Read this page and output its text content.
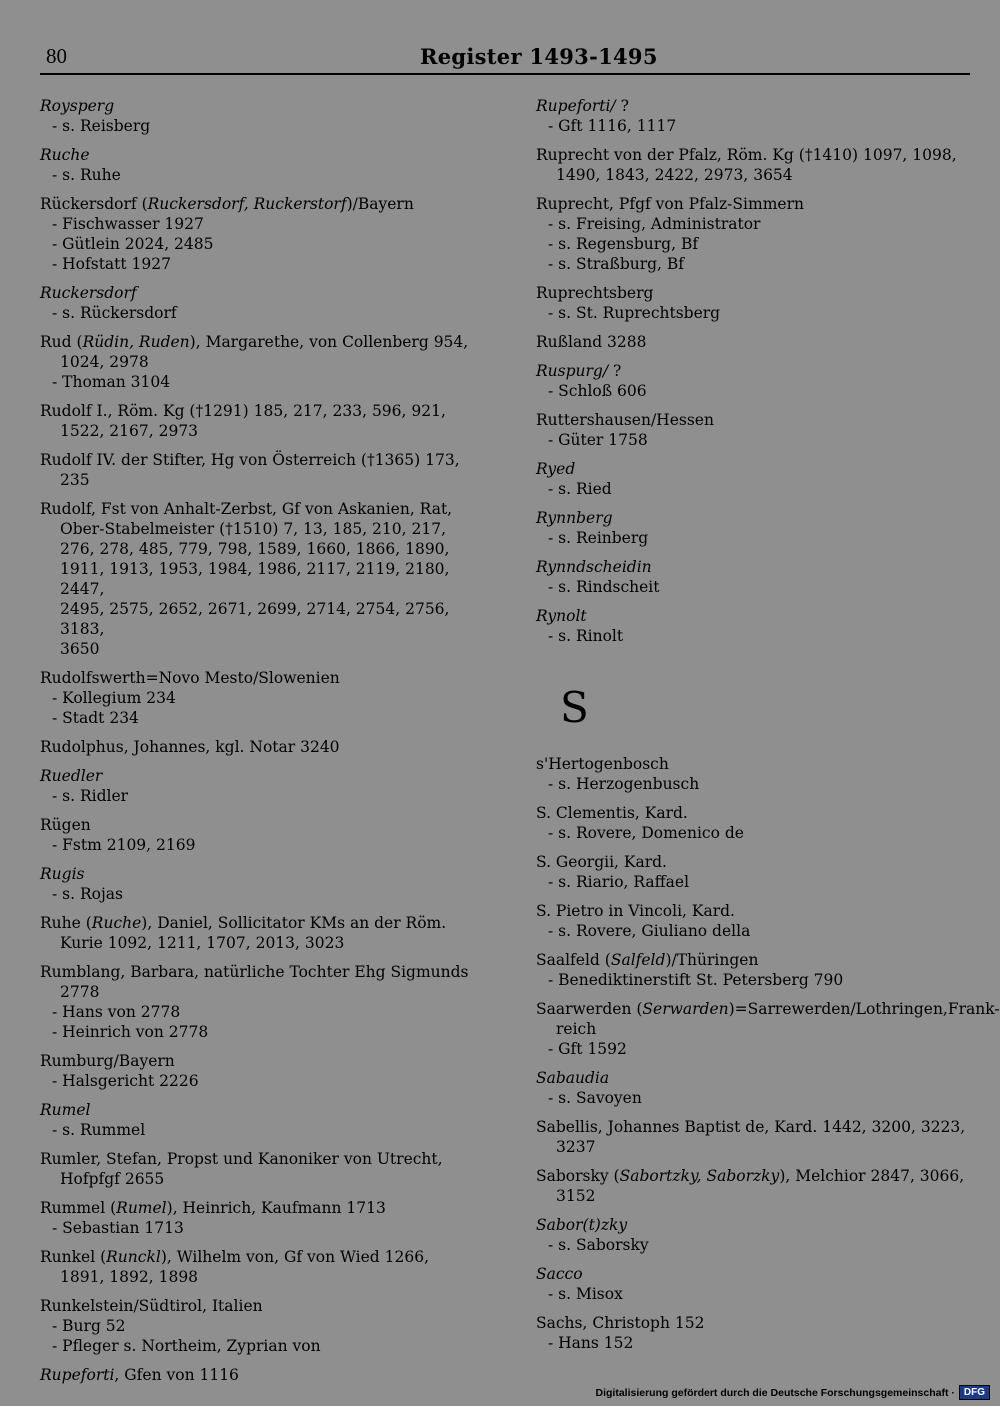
80	Register 1493-1495
Roysperg
- s. Reisberg
Ruche
- s. Ruhe
Rückersdorf (Ruckersdorf, Ruckerstorf)/Bayern
- Fischwasser 1927
- Gütlein 2024, 2485
- Hofstatt 1927
Ruckersdorf
- s. Rückersdorf
Rud (Rüdin, Ruden), Margarethe, von Collenberg 954,
1024, 2978
- Thoman 3104
Rudolf I., Röm. Kg (†1291) 185, 217, 233, 596, 921,
1522, 2167, 2973
Rudolf IV. der Stifter, Hg von Österreich (†1365) 173,
235
Rudolf, Fst von Anhalt-Zerbst, Gf von Askanien, Rat,
Ober-Stabelmeister (†1510) 7, 13, 185, 210, 217,
276, 278, 485, 779, 798, 1589, 1660, 1866, 1890,
1911, 1913, 1953, 1984, 1986, 2117, 2119, 2180, 2447,
2495, 2575, 2652, 2671, 2699, 2714, 2754, 2756, 3183,
3650
Rudolfswerth=Novo Mesto/Slowenien
- Kollegium 234
- Stadt 234
Rudolphus, Johannes, kgl. Notar 3240
Ruedler
- s. Ridler
Rügen
- Fstm 2109, 2169
Rugis
- s. Rojas
Ruhe (Ruche), Daniel, Sollicitator KMs an der Röm.
Kurie 1092, 1211, 1707, 2013, 3023
Rumblang, Barbara, natürliche Tochter Ehg Sigmunds
2778
- Hans von 2778
- Heinrich von 2778
Rumburg/Bayern
- Halsgericht 2226
Rumel
- s. Rummel
Rumler, Stefan, Propst und Kanoniker von Utrecht,
Hofpfgf 2655
Rummel (Rumel), Heinrich, Kaufmann 1713
- Sebastian 1713
Runkel (Runckl), Wilhelm von, Gf von Wied 1266,
1891, 1892, 1898
Runkelstein/Südtirol, Italien
- Burg 52
- Pfleger s. Northeim, Zyprian von
Rupeforti, Gfen von 1116
Rupeforti/ ?
- Gft 1116, 1117
Ruprecht von der Pfalz, Röm. Kg (†1410) 1097, 1098,
1490, 1843, 2422, 2973, 3654
Ruprecht, Pfgf von Pfalz-Simmern
- s. Freising, Administrator
- s. Regensburg, Bf
- s. Straßburg, Bf
Ruprechtsberg
- s. St. Ruprechtsberg
Rußland 3288
Ruspurg/ ?
- Schloß 606
Ruttershausen/Hessen
- Güter 1758
Ryed
- s. Ried
Rynnberg
- s. Reinberg
Rynndscheidin
- s. Rindscheit
Rynolt
- s. Rinolt
S
s'Hertogenbosch
- s. Herzogenbusch
S. Clementis, Kard.
- s. Rovere, Domenico de
S. Georgii, Kard.
- s. Riario, Raffael
S. Pietro in Vincoli, Kard.
- s. Rovere, Giuliano della
Saalfeld (Salfeld)/Thüringen
- Benediktinerstift St. Petersberg 790
Saarwerden (Serwarden)=Sarrewerden/Lothringen,Frank-
reich
- Gft 1592
Sabaudia
- s. Savoyen
Sabellis, Johannes Baptist de, Kard. 1442, 3200, 3223,
3237
Saborsky (Sabortzky, Saborzky), Melchior 2847, 3066,
3152
Sabor(t)zky
- s. Saborsky
Sacco
- s. Misox
Sachs, Christoph 152
- Hans 152
Digitalisierung gefördert durch die Deutsche Forschungsgemeinschaft · DFG
